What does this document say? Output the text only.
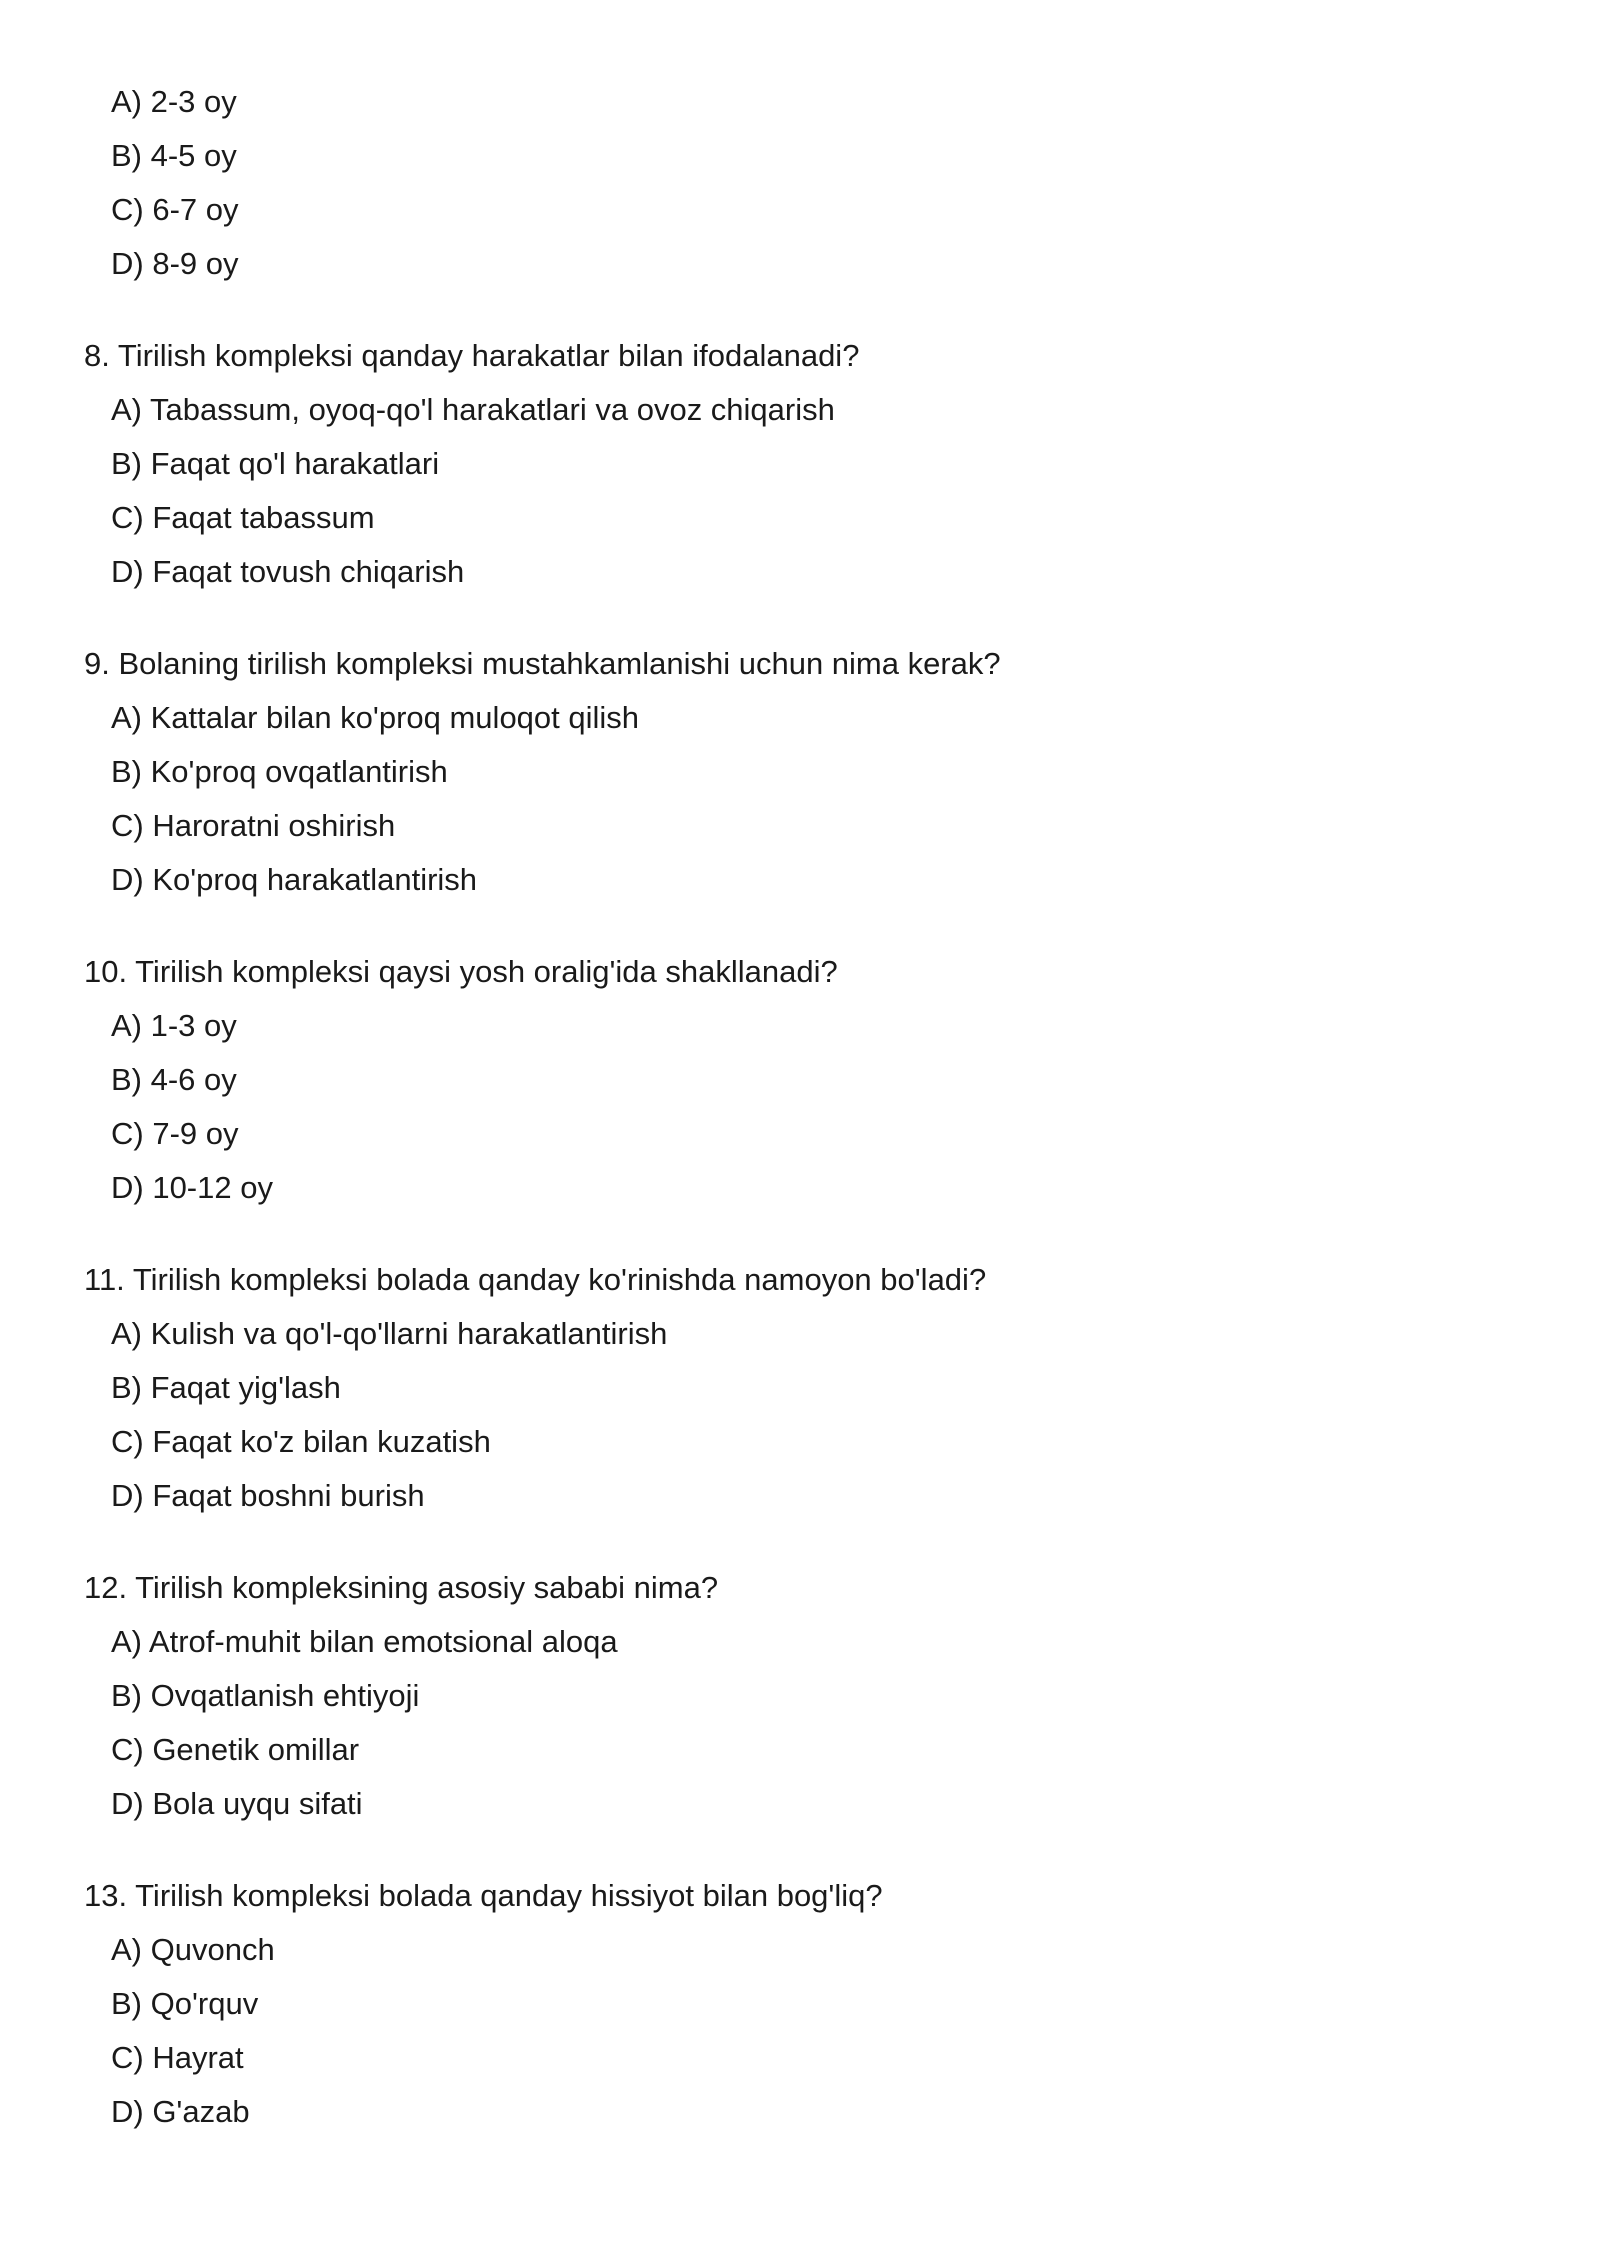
A) 2-3 oy
B) 4-5 oy
C) 6-7 oy
D) 8-9 oy
8. Tirilish kompleksi qanday harakatlar bilan ifodalanadi?
A) Tabassum, oyoq-qo'l harakatlari va ovoz chiqarish
B) Faqat qo'l harakatlari
C) Faqat tabassum
D) Faqat tovush chiqarish
9. Bolaning tirilish kompleksi mustahkamlanishi uchun nima kerak?
A) Kattalar bilan ko'proq muloqot qilish
B) Ko'proq ovqatlantirish
C) Haroratni oshirish
D) Ko'proq harakatlantirish
10. Tirilish kompleksi qaysi yosh oralig'ida shakllanadi?
A) 1-3 oy
B) 4-6 oy
C) 7-9 oy
D) 10-12 oy
11. Tirilish kompleksi bolada qanday ko'rinishda namoyon bo'ladi?
A) Kulish va qo'l-qo'llarni harakatlantirish
B) Faqat yig'lash
C) Faqat ko'z bilan kuzatish
D) Faqat boshni burish
12. Tirilish kompleksining asosiy sababi nima?
A) Atrof-muhit bilan emotsional aloqa
B) Ovqatlanish ehtiyoji
C) Genetik omillar
D) Bola uyqu sifati
13. Tirilish kompleksi bolada qanday hissiyot bilan bog'liq?
A) Quvonch
B) Qo'rquv
C) Hayrat
D) G'azab
